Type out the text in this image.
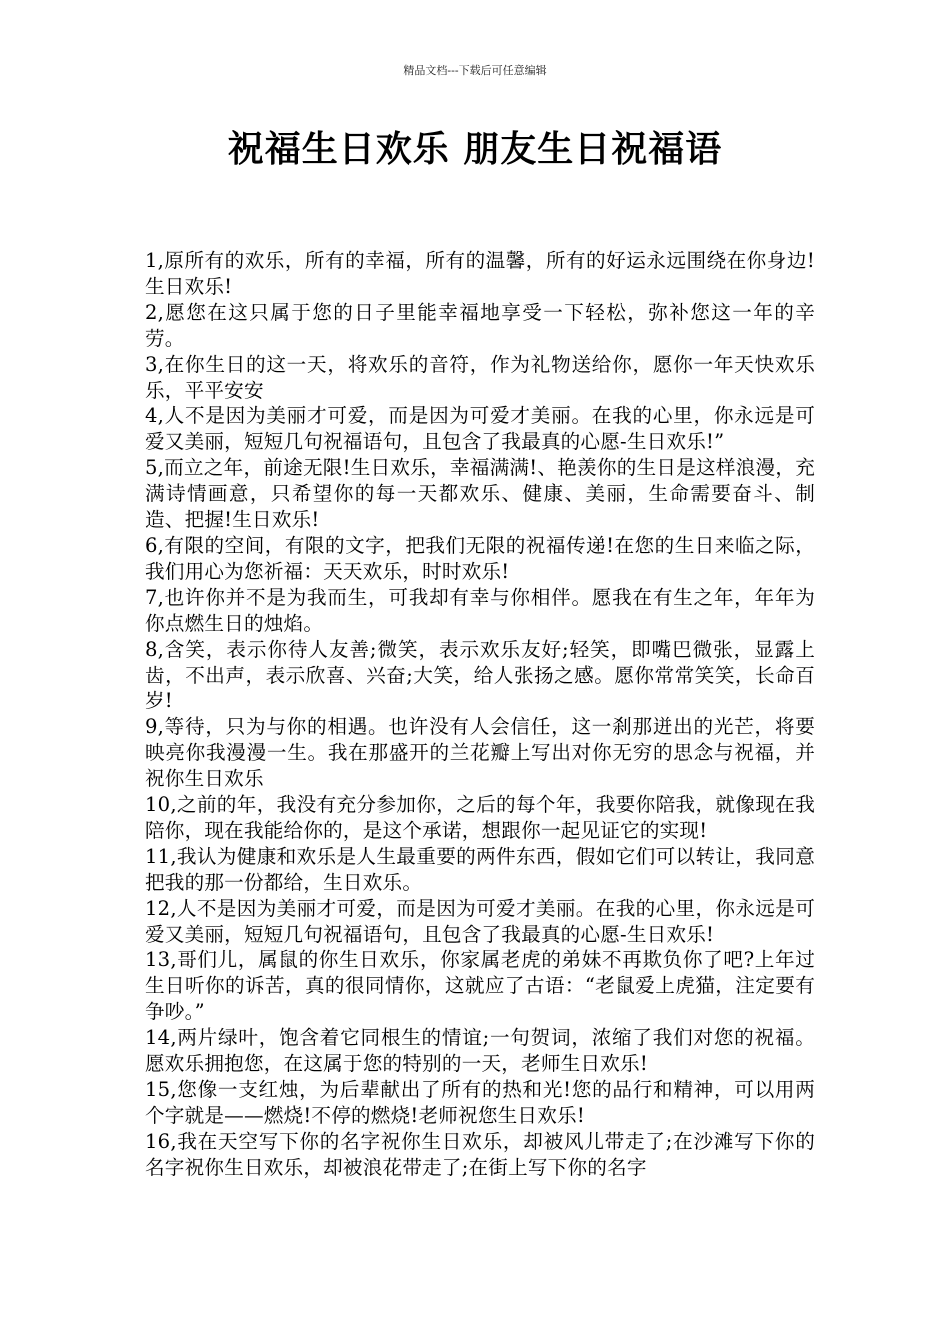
精品文档---下载后可任意编辑
祝福生日欢乐 朋友生日祝福语

1,原所有的欢乐，所有的幸福，所有的温馨，所有的好运永远围绕在你身边!生日欢乐!

2,愿您在这只属于您的日子里能幸福地享受一下轻松，弥补您这一年的辛劳。

3,在你生日的这一天，将欢乐的音符，作为礼物送给你，愿你一年天快欢乐乐，平平安安

4,人不是因为美丽才可爱，而是因为可爱才美丽。在我的心里，你永远是可爱又美丽，短短几句祝福语句，且包含了我最真的心愿-生日欢乐!”

5,而立之年，前途无限!生日欢乐，幸福满满!、艳羡你的生日是这样浪漫，充满诗情画意，只希望你的每一天都欢乐、健康、美丽，生命需要奋斗、制造、把握!生日欢乐!

6,有限的空间，有限的文字，把我们无限的祝福传递!在您的生日来临之际，我们用心为您祈福：天天欢乐，时时欢乐!

7,也许你并不是为我而生，可我却有幸与你相伴。愿我在有生之年，年年为你点燃生日的烛焰。

8,含笑，表示你待人友善;微笑，表示欢乐友好;轻笑，即嘴巴微张，显露上齿，不出声，表示欣喜、兴奋;大笑，给人张扬之感。愿你常常笑笑，长命百岁!

9,等待，只为与你的相遇。也许没有人会信任，这一刹那迸出的光芒，将要映亮你我漫漫一生。我在那盛开的兰花瓣上写出对你无穷的思念与祝福，并祝你生日欢乐

10,之前的年，我没有充分参加你，之后的每个年，我要你陪我，就像现在我陪你，现在我能给你的，是这个承诺，想跟你一起见证它的实现!

11,我认为健康和欢乐是人生最重要的两件东西，假如它们可以转让，我同意把我的那一份都给，生日欢乐。

12,人不是因为美丽才可爱，而是因为可爱才美丽。在我的心里，你永远是可爱又美丽，短短几句祝福语句，且包含了我最真的心愿-生日欢乐!

13,哥们儿，属鼠的你生日欢乐，你家属老虎的弟妹不再欺负你了吧?上年过生日听你的诉苦，真的很同情你，这就应了古语：“老鼠爱上虎猫，注定要有争吵。”

14,两片绿叶，饱含着它同根生的情谊;一句贺词，浓缩了我们对您的祝福。愿欢乐拥抱您，在这属于您的特别的一天，老师生日欢乐!

15,您像一支红烛，为后辈献出了所有的热和光!您的品行和精神，可以用两个字就是——燃烧!不停的燃烧!老师祝您生日欢乐!

16,我在天空写下你的名字祝你生日欢乐，却被风儿带走了;在沙滩写下你的名字祝你生日欢乐，却被浪花带走了;在街上写下你的名字
